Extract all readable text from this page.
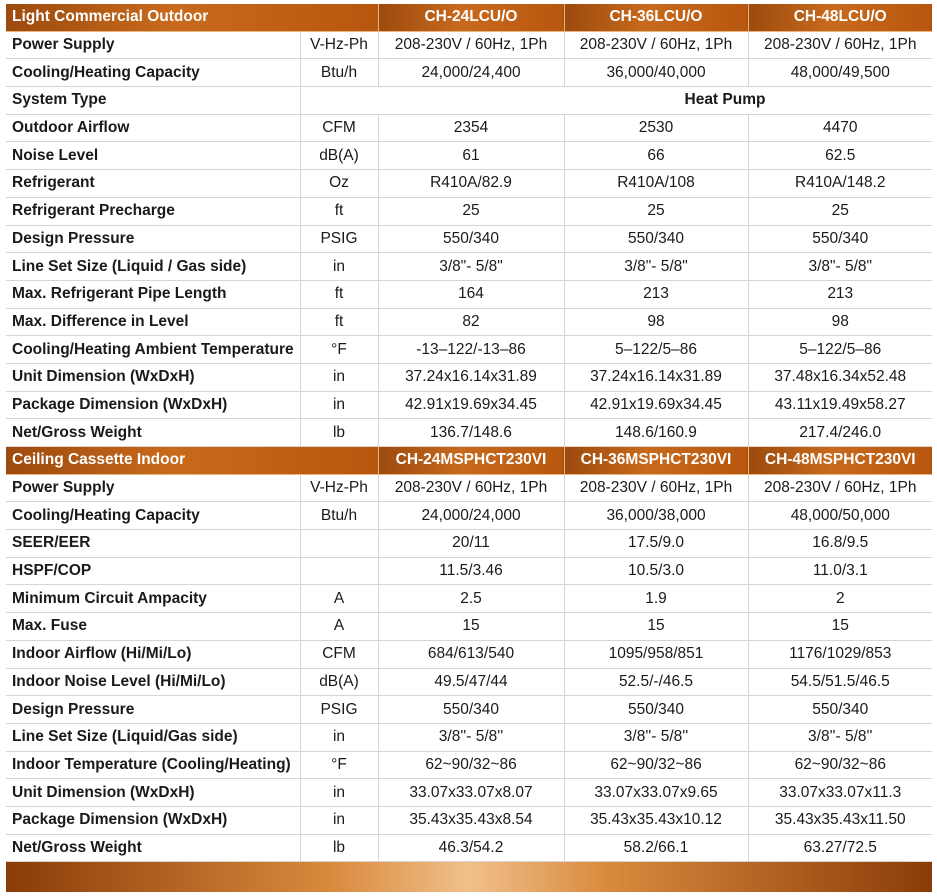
Light Commercial Outdoor		CH-24LCU/O	CH-36LCU/O	CH-48LCU/O
Power Supply	V-Hz-Ph	208-230V / 60Hz, 1Ph	208-230V / 60Hz, 1Ph	208-230V / 60Hz, 1Ph
Cooling/Heating Capacity	Btu/h	24,000/24,400	36,000/40,000	48,000/49,500
System Type	Heat Pump			
Outdoor Airflow	CFM	2354	2530	4470
Noise Level	dB(A)	61	66	62.5
Refrigerant	Oz	R410A/82.9	R410A/108	R410A/148.2
Refrigerant Precharge	ft	25	25	25
Design Pressure	PSIG	550/340	550/340	550/340
Line Set Size (Liquid / Gas side)	in	3/8"- 5/8"	3/8"- 5/8"	3/8"- 5/8"
Max. Refrigerant Pipe Length	ft	164	213	213
Max. Difference in Level	ft	82	98	98
Cooling/Heating Ambient Temperature	°F	-13–122/-13–86	5–122/5–86	5–122/5–86
Unit Dimension (WxDxH)	in	37.24x16.14x31.89	37.24x16.14x31.89	37.48x16.34x52.48
Package Dimension (WxDxH)	in	42.91x19.69x34.45	42.91x19.69x34.45	43.11x19.49x58.27
Net/Gross Weight	lb	136.7/148.6	148.6/160.9	217.4/246.0
Ceiling Cassette Indoor		CH-24MSPHCT230VI	CH-36MSPHCT230VI	CH-48MSPHCT230VI
Power Supply	V-Hz-Ph	208-230V / 60Hz, 1Ph	208-230V / 60Hz, 1Ph	208-230V / 60Hz, 1Ph
Cooling/Heating Capacity	Btu/h	24,000/24,000	36,000/38,000	48,000/50,000
SEER/EER		20/11	17.5/9.0	16.8/9.5
HSPF/COP		11.5/3.46	10.5/3.0	11.0/3.1
Minimum Circuit Ampacity	A	2.5	1.9	2
Max. Fuse	A	15	15	15
Indoor Airflow (Hi/Mi/Lo)	CFM	684/613/540	1095/958/851	1176/1029/853
Indoor Noise Level (Hi/Mi/Lo)	dB(A)	49.5/47/44	52.5/-/46.5	54.5/51.5/46.5
Design Pressure	PSIG	550/340	550/340	550/340
Line Set Size (Liquid/Gas side)	in	3/8''- 5/8''	3/8''- 5/8''	3/8''- 5/8''
Indoor Temperature (Cooling/Heating)	°F	62~90/32~86	62~90/32~86	62~90/32~86
Unit Dimension (WxDxH)	in	33.07x33.07x8.07	33.07x33.07x9.65	33.07x33.07x11.3
Package Dimension (WxDxH)	in	35.43x35.43x8.54	35.43x35.43x10.12	35.43x35.43x11.50
Net/Gross Weight	lb	46.3/54.2	58.2/66.1	63.27/72.5
